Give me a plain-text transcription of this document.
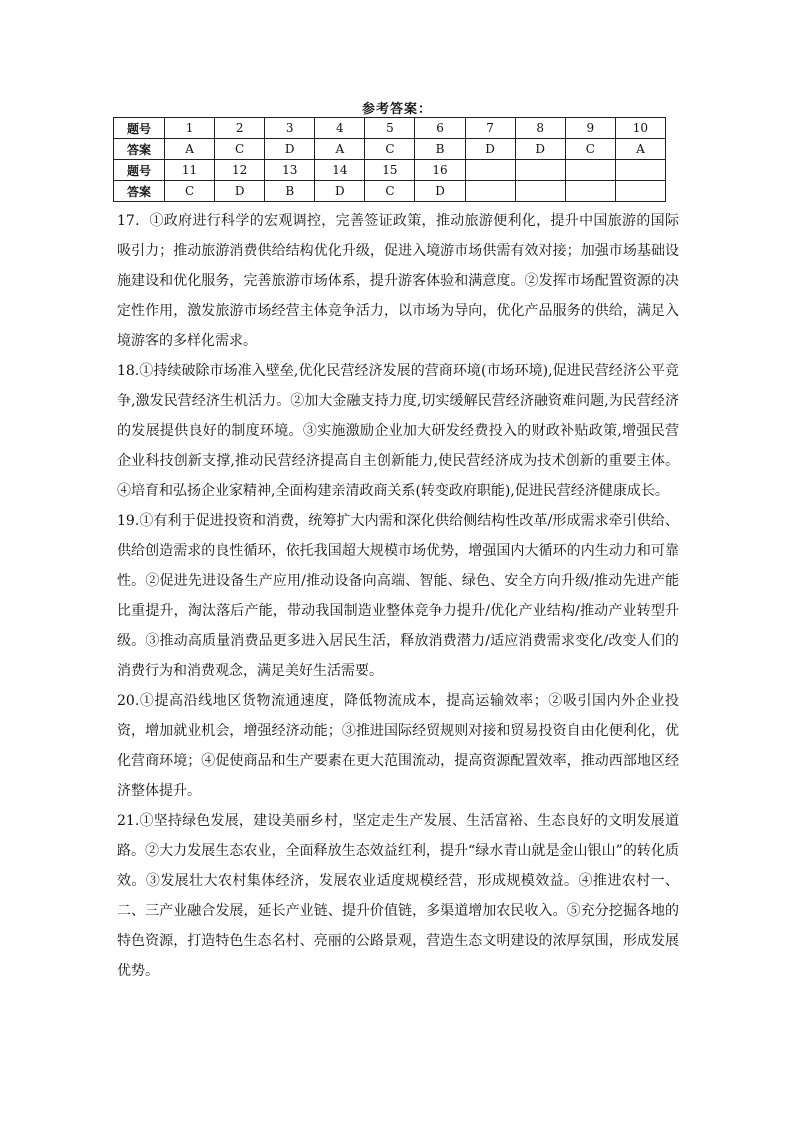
参考答案：
题号	1	2	3	4	5	6	7	8	9	10
答案	A	C	D	A	C	B	D	D	C	A
题号	11	12	13	14	15	16				
答案	C	D	B	D	C	D				

17．①政府进行科学的宏观调控，完善签证政策，推动旅游便利化，提升中国旅游的国际吸引力；推动旅游消费供给结构优化升级，促进入境游市场供需有效对接；加强市场基础设施建设和优化服务，完善旅游市场体系，提升游客体验和满意度。②发挥市场配置资源的决定性作用，激发旅游市场经营主体竞争活力，以市场为导向，优化产品服务的供给，满足入境游客的多样化需求。

18.①持续破除市场准入壁垒,优化民营经济发展的营商环境(市场环境),促进民营经济公平竞争,激发民营经济生机活力。②加大金融支持力度,切实缓解民营经济融资难问题,为民营经济的发展提供良好的制度环境。③实施激励企业加大研发经费投入的财政补贴政策,增强民营企业科技创新支撑,推动民营经济提高自主创新能力,使民营经济成为技术创新的重要主体。④培育和弘扬企业家精神,全面构建亲清政商关系(转变政府职能),促进民营经济健康成长。

19.①有利于促进投资和消费，统筹扩大内需和深化供给侧结构性改革/形成需求牵引供给、供给创造需求的良性循环，依托我国超大规模市场优势，增强国内大循环的内生动力和可靠性。②促进先进设备生产应用/推动设备向高端、智能、绿色、安全方向升级/推动先进产能比重提升，淘汰落后产能，带动我国制造业整体竞争力提升/优化产业结构/推动产业转型升级。③推动高质量消费品更多进入居民生活，释放消费潜力/适应消费需求变化/改变人们的消费行为和消费观念，满足美好生活需要。

20.①提高沿线地区货物流通速度，降低物流成本，提高运输效率；②吸引国内外企业投资，增加就业机会，增强经济动能；③推进国际经贸规则对接和贸易投资自由化便利化，优化营商环境；④促使商品和生产要素在更大范围流动，提高资源配置效率，推动西部地区经济整体提升。

21.①坚持绿色发展，建设美丽乡村，坚定走生产发展、生活富裕、生态良好的文明发展道路。②大力发展生态农业，全面释放生态效益红利，提升“绿水青山就是金山银山”的转化质效。③发展壮大农村集体经济，发展农业适度规模经营，形成规模效益。④推进农村一、二、三产业融合发展，延长产业链、提升价值链，多渠道增加农民收入。⑤充分挖掘各地的特色资源，打造特色生态名村、亮丽的公路景观，营造生态文明建设的浓厚氛围，形成发展优势。
